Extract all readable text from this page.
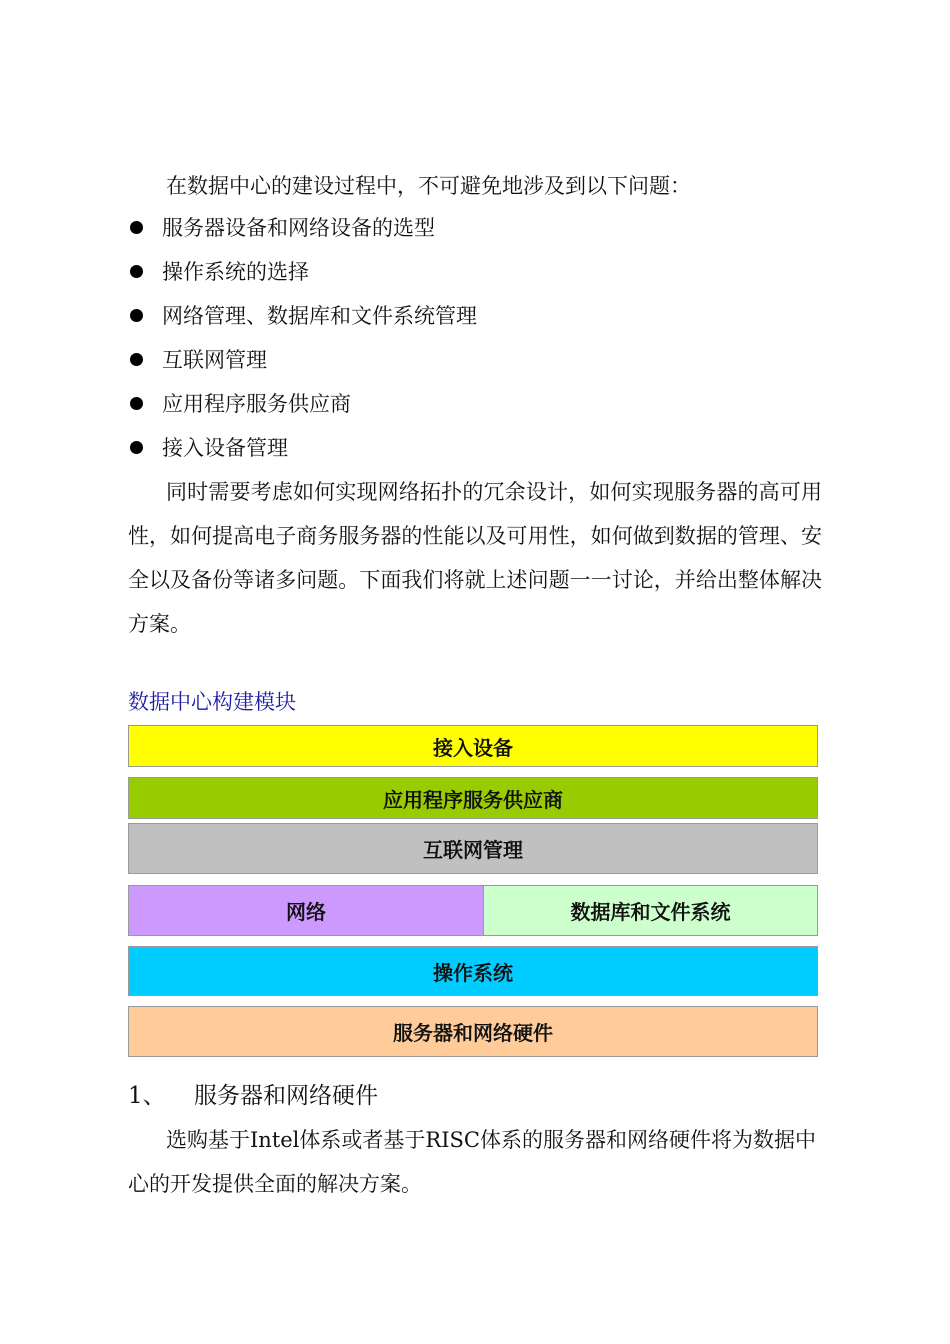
在数据中心的建设过程中，不可避免地涉及到以下问题：

服务器设备和网络设备的选型
操作系统的选择
网络管理、数据库和文件系统管理
互联网管理
应用程序服务供应商
接入设备管理

同时需要考虑如何实现网络拓扑的冗余设计，如何实现服务器的高可用性，如何提高电子商务服务器的性能以及可用性，如何做到数据的管理、安全以及备份等诸多问题。下面我们将就上述问题一一讨论，并给出整体解决方案。

数据中心构建模块

接入设备
应用程序服务供应商
互联网管理
网络	数据库和文件系统
操作系统
服务器和网络硬件

1、 服务器和网络硬件

选购基于Intel体系或者基于RISC体系的服务器和网络硬件将为数据中心的开发提供全面的解决方案。
